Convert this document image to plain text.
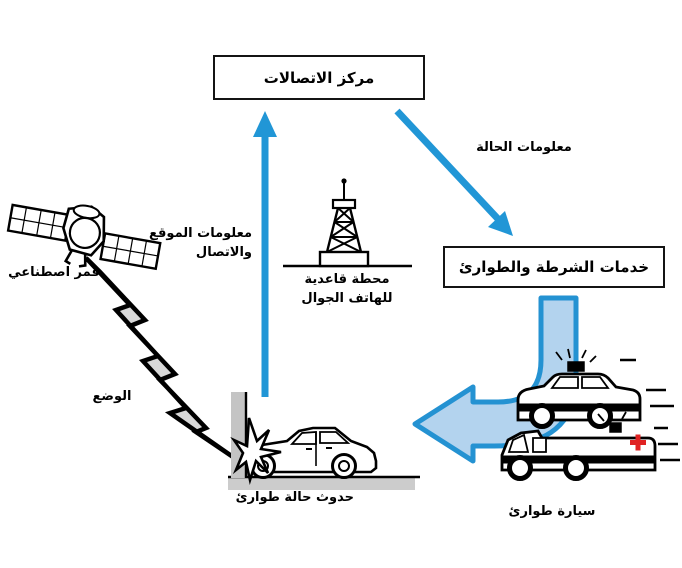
مركز الاتصالات
خدمات الشرطة والطوارئ
معلومات الحالة
معلومات الموقع
والاتصال
محطة قاعدية
للهاتف الجوال
قمر اصطناعي
الوضع
حدوث حالة طوارئ
سيارة طوارئ
